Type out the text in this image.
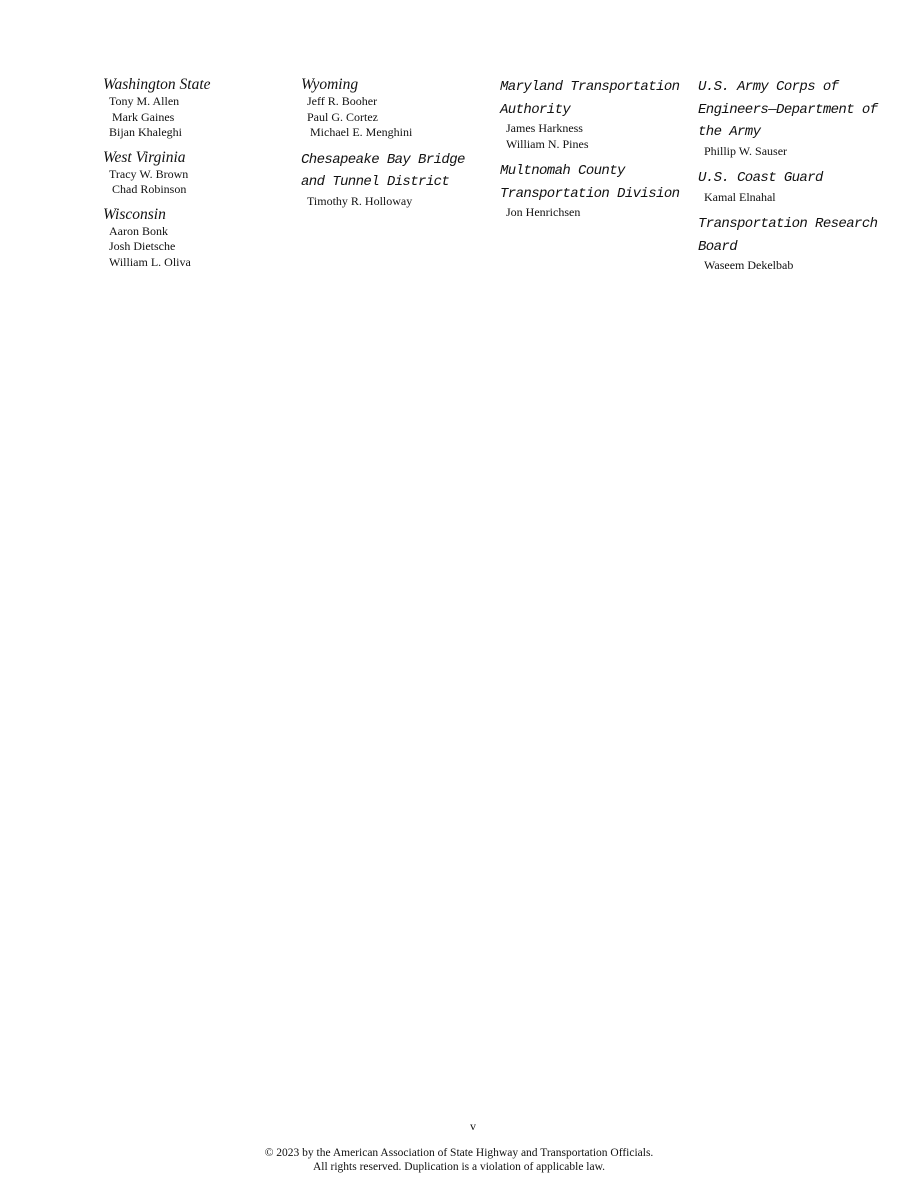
Washington State

Tony M. Allen
Mark Gaines
Bijan Khaleghi

West Virginia

Tracy W. Brown
Chad Robinson

Wisconsin

Aaron Bonk
Josh Dietsche
William L. Oliva

Wyoming

Jeff R. Booher
Paul G. Cortez
Michael E. Menghini

Chesapeake Bay Bridge and Tunnel District

Timothy R. Holloway

Maryland Transportation Authority

James Harkness
William N. Pines

Multnomah County Transportation Division

Jon Henrichsen

U.S. Army Corps of Engineers—Department of the Army

Phillip W. Sauser

U.S. Coast Guard

Kamal Elnahal

Transportation Research Board

Waseem Dekelbab
v
© 2023 by the American Association of State Highway and Transportation Officials.
All rights reserved. Duplication is a violation of applicable law.
